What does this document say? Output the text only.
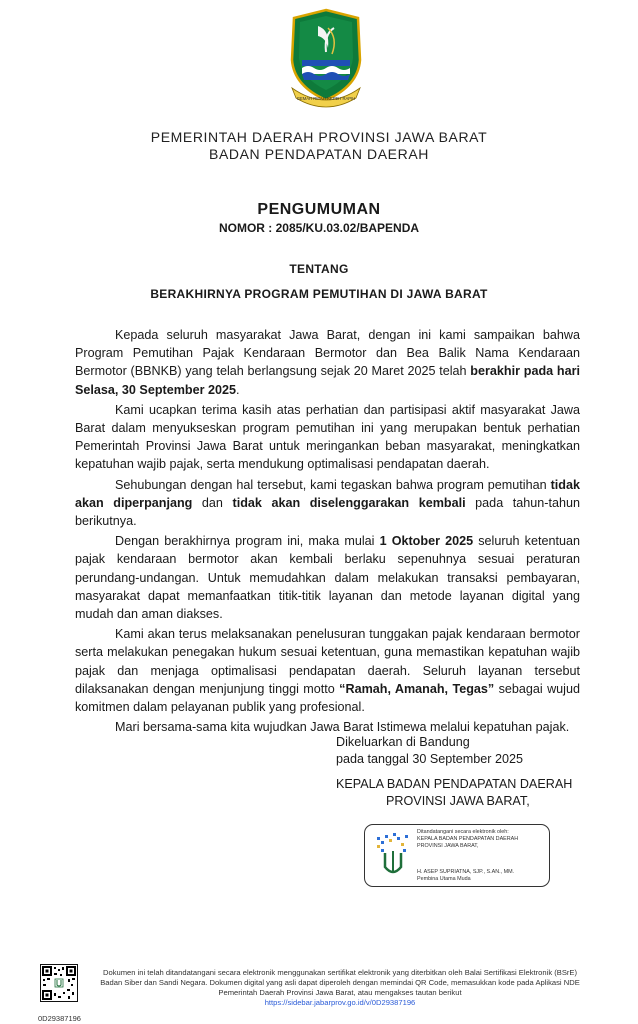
GEMAH RIPAH REPEH RAPIH
PEMERINTAH DAERAH PROVINSI JAWA BARAT
BADAN PENDAPATAN DAERAH
PENGUMUMAN
NOMOR : 2085/KU.03.02/BAPENDA
TENTANG
BERAKHIRNYA PROGRAM PEMUTIHAN DI JAWA BARAT

Kepada seluruh masyarakat Jawa Barat, dengan ini kami sampaikan bahwa Program Pemutihan Pajak Kendaraan Bermotor dan Bea Balik Nama Kendaraan Bermotor (BBNKB) yang telah berlangsung sejak 20 Maret 2025 telah berakhir pada hari Selasa, 30 September 2025.

Kami ucapkan terima kasih atas perhatian dan partisipasi aktif masyarakat Jawa Barat dalam menyukseskan program pemutihan ini yang merupakan bentuk perhatian Pemerintah Provinsi Jawa Barat untuk meringankan beban masyarakat, meningkatkan kepatuhan wajib pajak, serta mendukung optimalisasi pendapatan daerah.

Sehubungan dengan hal tersebut, kami tegaskan bahwa program pemutihan tidak akan diperpanjang dan tidak akan diselenggarakan kembali pada tahun-tahun berikutnya.

Dengan berakhirnya program ini, maka mulai 1 Oktober 2025 seluruh ketentuan pajak kendaraan bermotor akan kembali berlaku sepenuhnya sesuai peraturan perundang-undangan. Untuk memudahkan dalam melakukan transaksi pembayaran, masyarakat dapat memanfaatkan titik-titik layanan dan metode layanan digital yang mudah dan aman diakses.

Kami akan terus melaksanakan penelusuran tunggakan pajak kendaraan bermotor serta melakukan penegakan hukum sesuai ketentuan, guna memastikan kepatuhan wajib pajak dan menjaga optimalisasi pendapatan daerah. Seluruh layanan tersebut dilaksanakan dengan menjunjung tinggi motto “Ramah, Amanah, Tegas” sebagai wujud komitmen dalam pelayanan publik yang profesional.

Mari bersama-sama kita wujudkan Jawa Barat Istimewa melalui kepatuhan pajak.

Dikeluarkan di Bandung
pada tanggal 30 September 2025
KEPALA BADAN PENDAPATAN DAERAH
PROVINSI JAWA BARAT,
Ditandatangani secara elektronik oleh:
KEPALA BADAN PENDAPATAN DAERAH
PROVINSI JAWA BARAT,
H. ASEP SUPRIATNA, SJP., S.AN., MM.
Pembina Utama Muda
0D29387196
Dokumen ini telah ditandatangani secara elektronik menggunakan sertifikat elektronik yang diterbitkan oleh Balai Sertifikasi Elektronik (BSrE) Badan Siber dan Sandi Negara. Dokumen digital yang asli dapat diperoleh dengan memindai QR Code, memasukkan kode pada Aplikasi NDE Pemerintah Daerah Provinsi Jawa Barat, atau mengakses tautan berikut
https://sidebar.jabarprov.go.id/v/0D29387196
